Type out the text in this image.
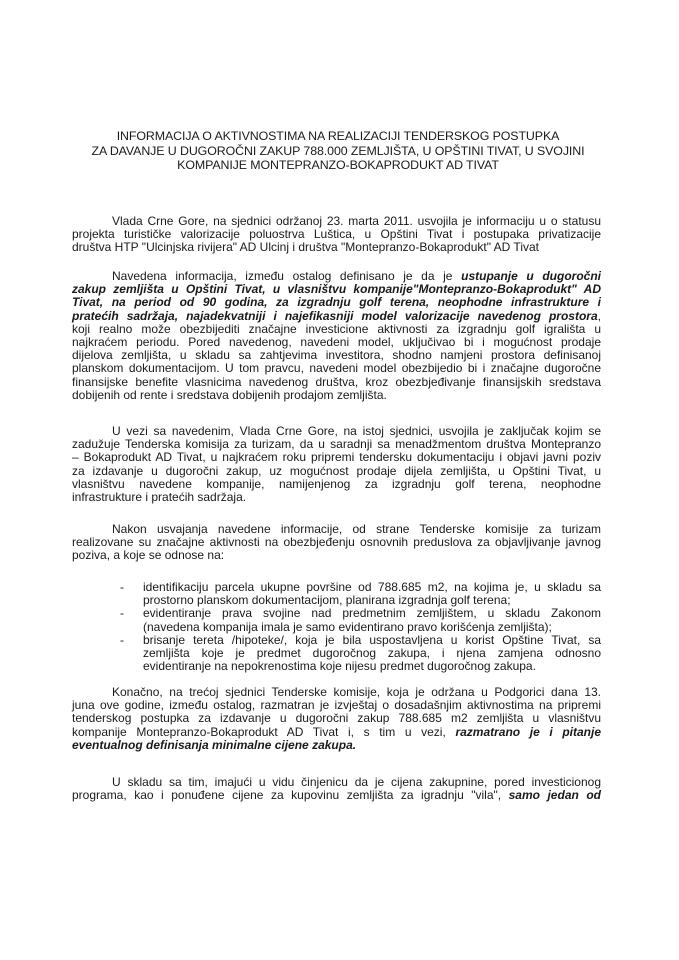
INFORMACIJA O AKTIVNOSTIMA NA REALIZACIJI TENDERSKOG POSTUPKA
ZA DAVANJE U DUGOROČNI ZAKUP 788.000 ZEMLJIŠTA, U OPŠTINI TIVAT, U SVOJINI
KOMPANIJE MONTEPRANZO-BOKAPRODUKT AD TIVAT
Vlada Crne Gore, na sjednici održanoj 23. marta 2011. usvojila je informaciju u o statusu
projekta turističke valorizacije poluostrva Luštica, u Opštini Tivat i postupaka privatizacije
društva HTP "Ulcinjska rivijera" AD Ulcinj i društva "Montepranzo-Bokaprodukt" AD Tivat
Navedena informacija, između ostalog definisano je da je ustupanje u dugoročni
zakup zemljišta u Opštini Tivat, u vlasništvu kompanije"Montepranzo-Bokaprodukt" AD
Tivat, na period od 90 godina, za izgradnju golf terena, neophodne infrastrukture i
pratećih sadržaja, najadekvatniji i najefikasniji model valorizacije navedenog prostora,
koji realno može obezbijediti značajne investicione aktivnosti za izgradnju golf igrališta u
najkraćem periodu. Pored navedenog, navedeni model, uključivao bi i mogućnost prodaje
dijelova zemljišta, u skladu sa zahtjevima investitora, shodno namjeni prostora definisanoj
planskom dokumentacijom. U tom pravcu, navedeni model obezbijedio bi i značajne dugoročne
finansijske benefite vlasnicima navedenog društva, kroz obezbjeđivanje finansijskih sredstava
dobijenih od rente i sredstava dobijenih prodajom zemljišta.
U vezi sa navedenim, Vlada Crne Gore, na istoj sjednici, usvojila je zaključak kojim se
zadužuje Tenderska komisija za turizam, da u saradnji sa menadžmentom društva Montepranzo
– Bokaprodukt AD Tivat, u najkraćem roku pripremi tendersku dokumentaciju i objavi javni poziv
za izdavanje u dugoročni zakup, uz mogućnost prodaje dijela zemljišta, u Opštini Tivat, u
vlasništvu navedene kompanije, namijenjenog za izgradnju golf terena, neophodne
infrastrukture i pratećih sadržaja.
Nakon usvajanja navedene informacije, od strane Tenderske komisije za turizam
realizovane su značajne aktivnosti na obezbjeđenju osnovnih preduslova za objavljivanje javnog
poziva, a koje se odnose na:
- identifikaciju parcela ukupne površine od 788.685 m2, na kojima je, u skladu sa
prostorno planskom dokumentacijom, planirana izgradnja golf terena;
- evidentiranje prava svojine nad predmetnim zemljištem, u skladu Zakonom
(navedena kompanija imala je samo evidentirano pravo korišćenja zemljišta);
- brisanje tereta /hipoteke/, koja je bila uspostavljena u korist Opštine Tivat, sa
zemljišta koje je predmet dugoročnog zakupa, i njena zamjena odnosno
evidentiranje na nepokrenostima koje nijesu predmet dugoročnog zakupa.
Konačno, na trećoj sjednici Tenderske komisije, koja je održana u Podgorici dana 13.
juna ove godine, između ostalog, razmatran je izvještaj o dosadašnjim aktivnostima na pripremi
tenderskog postupka za izdavanje u dugoročni zakup 788.685 m2 zemljišta u vlasništvu
kompanije Montepranzo-Bokaprodukt AD Tivat i, s tim u vezi, razmatrano je i pitanje
eventualnog definisanja minimalne cijene zakupa.
U skladu sa tim, imajući u vidu činjenicu da je cijena zakupnine, pored investicionog
programa, kao i ponuđene cijene za kupovinu zemljišta za igradnju "vila", samo jedan od
